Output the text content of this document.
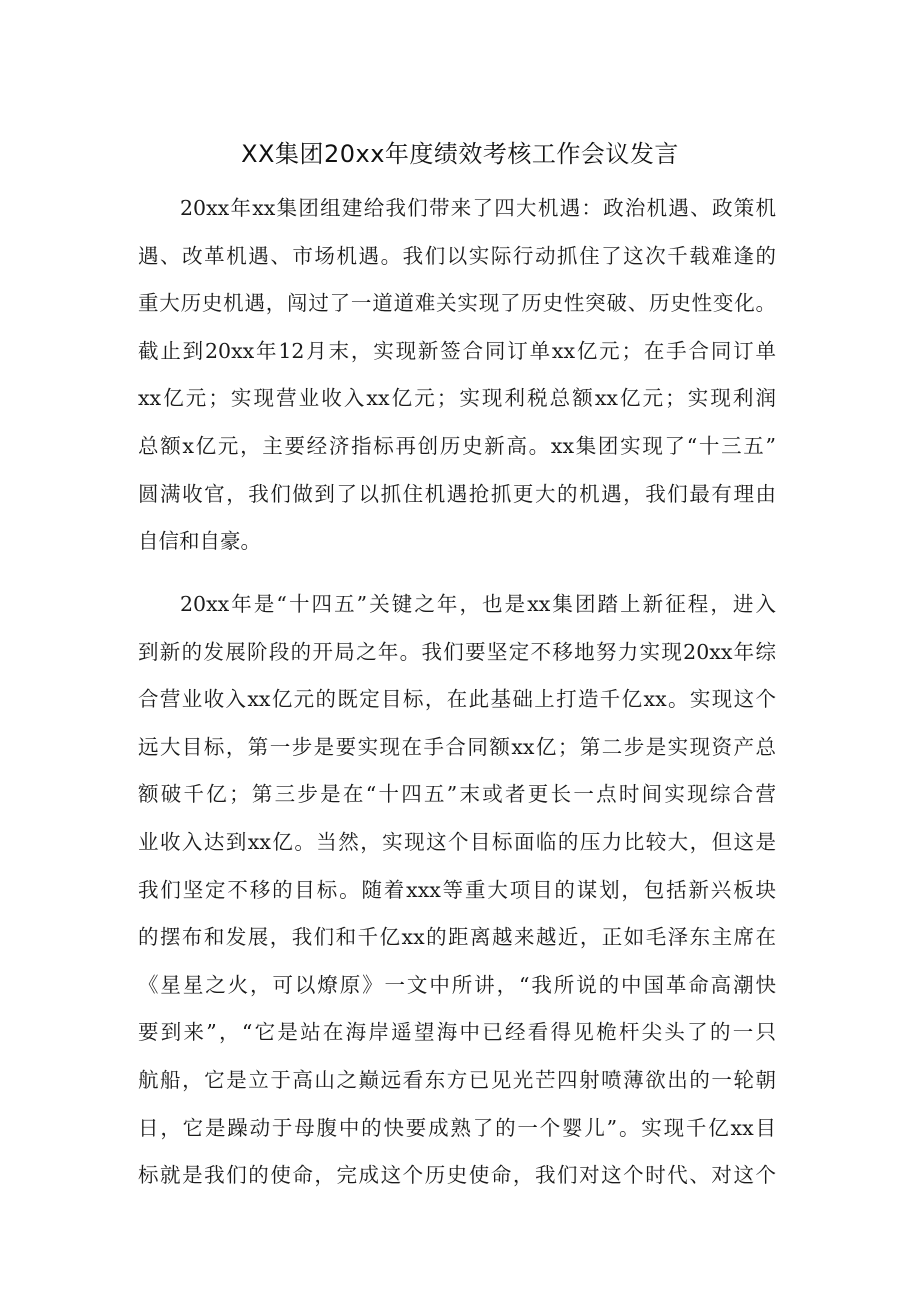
XX集团20xx年度绩效考核工作会议发言
20xx年xx集团组建给我们带来了四大机遇：政治机遇、政策机
遇、改革机遇、市场机遇。我们以实际行动抓住了这次千载难逢的
重大历史机遇，闯过了一道道难关实现了历史性突破、历史性变化。
截止到20xx年12月末，实现新签合同订单xx亿元；在手合同订单
xx亿元；实现营业收入xx亿元；实现利税总额xx亿元；实现利润
总额x亿元，主要经济指标再创历史新高。xx集团实现了“十三五”
圆满收官，我们做到了以抓住机遇抢抓更大的机遇，我们最有理由
自信和自豪。
20xx年是“十四五”关键之年，也是xx集团踏上新征程，进入
到新的发展阶段的开局之年。我们要坚定不移地努力实现20xx年综
合营业收入xx亿元的既定目标，在此基础上打造千亿xx。实现这个
远大目标，第一步是要实现在手合同额xx亿；第二步是实现资产总
额破千亿；第三步是在“十四五”末或者更长一点时间实现综合营
业收入达到xx亿。当然，实现这个目标面临的压力比较大，但这是
我们坚定不移的目标。随着xxx等重大项目的谋划，包括新兴板块
的摆布和发展，我们和千亿xx的距离越来越近，正如毛泽东主席在
《星星之火，可以燎原》一文中所讲，“我所说的中国革命高潮快
要到来”，“它是站在海岸遥望海中已经看得见桅杆尖头了的一只
航船，它是立于高山之巅远看东方已见光芒四射喷薄欲出的一轮朝
日，它是躁动于母腹中的快要成熟了的一个婴儿”。实现千亿xx目
标就是我们的使命，完成这个历史使命，我们对这个时代、对这个
